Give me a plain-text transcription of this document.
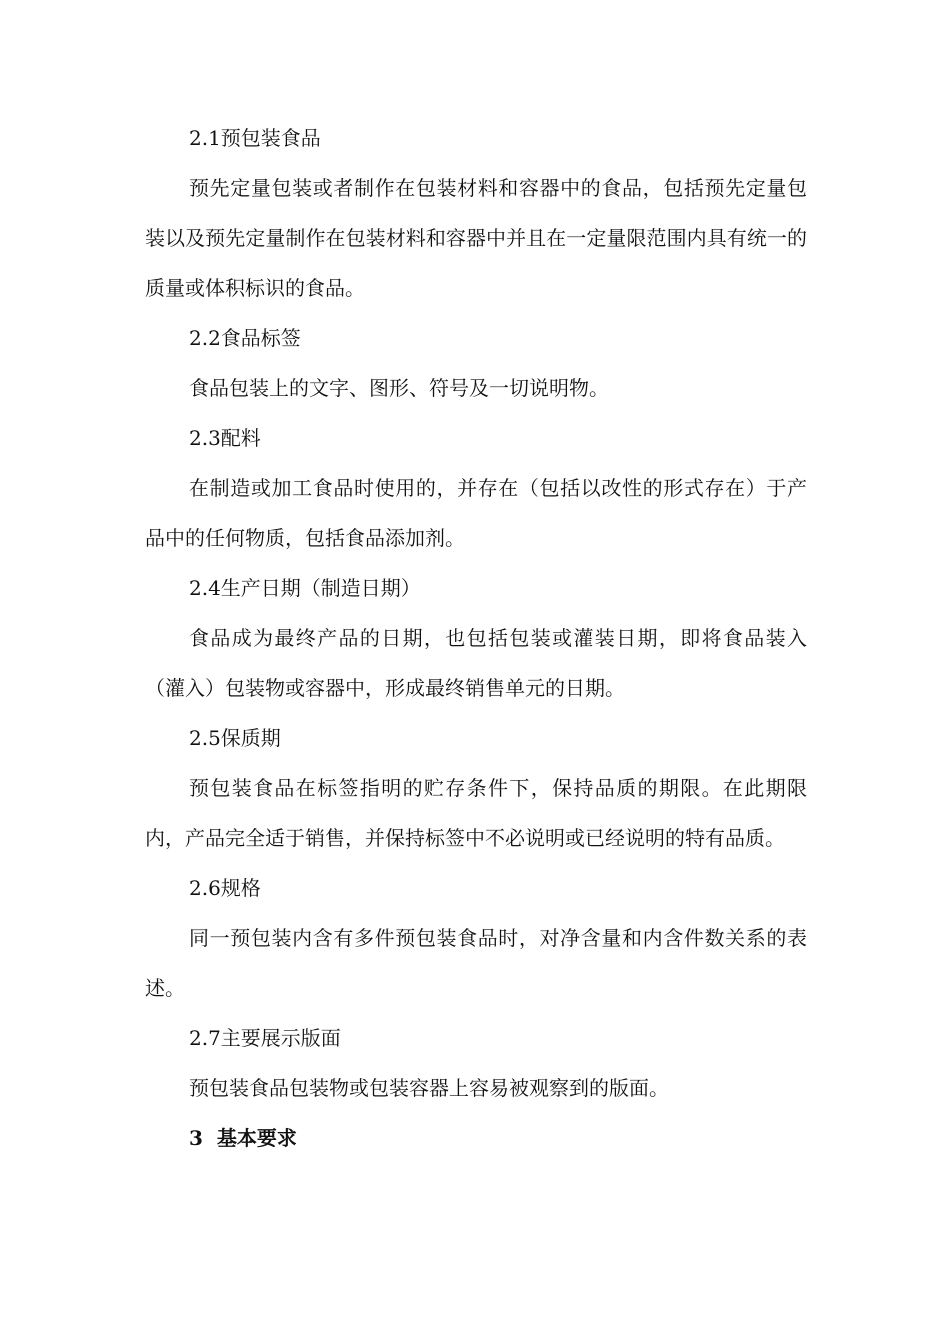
2.1预包装食品

预先定量包装或者制作在包装材料和容器中的食品，包括预先定量包装以及预先定量制作在包装材料和容器中并且在一定量限范围内具有统一的质量或体积标识的食品。

2.2食品标签

食品包装上的文字、图形、符号及一切说明物。

2.3配料

在制造或加工食品时使用的，并存在（包括以改性的形式存在）于产品中的任何物质，包括食品添加剂。

2.4生产日期（制造日期）

食品成为最终产品的日期，也包括包装或灌装日期，即将食品装入（灌入）包装物或容器中，形成最终销售单元的日期。

2.5保质期

预包装食品在标签指明的贮存条件下，保持品质的期限。在此期限内，产品完全适于销售，并保持标签中不必说明或已经说明的特有品质。

2.6规格

同一预包装内含有多件预包装食品时，对净含量和内含件数关系的表述。

2.7主要展示版面

预包装食品包装物或包装容器上容易被观察到的版面。

3  基本要求
